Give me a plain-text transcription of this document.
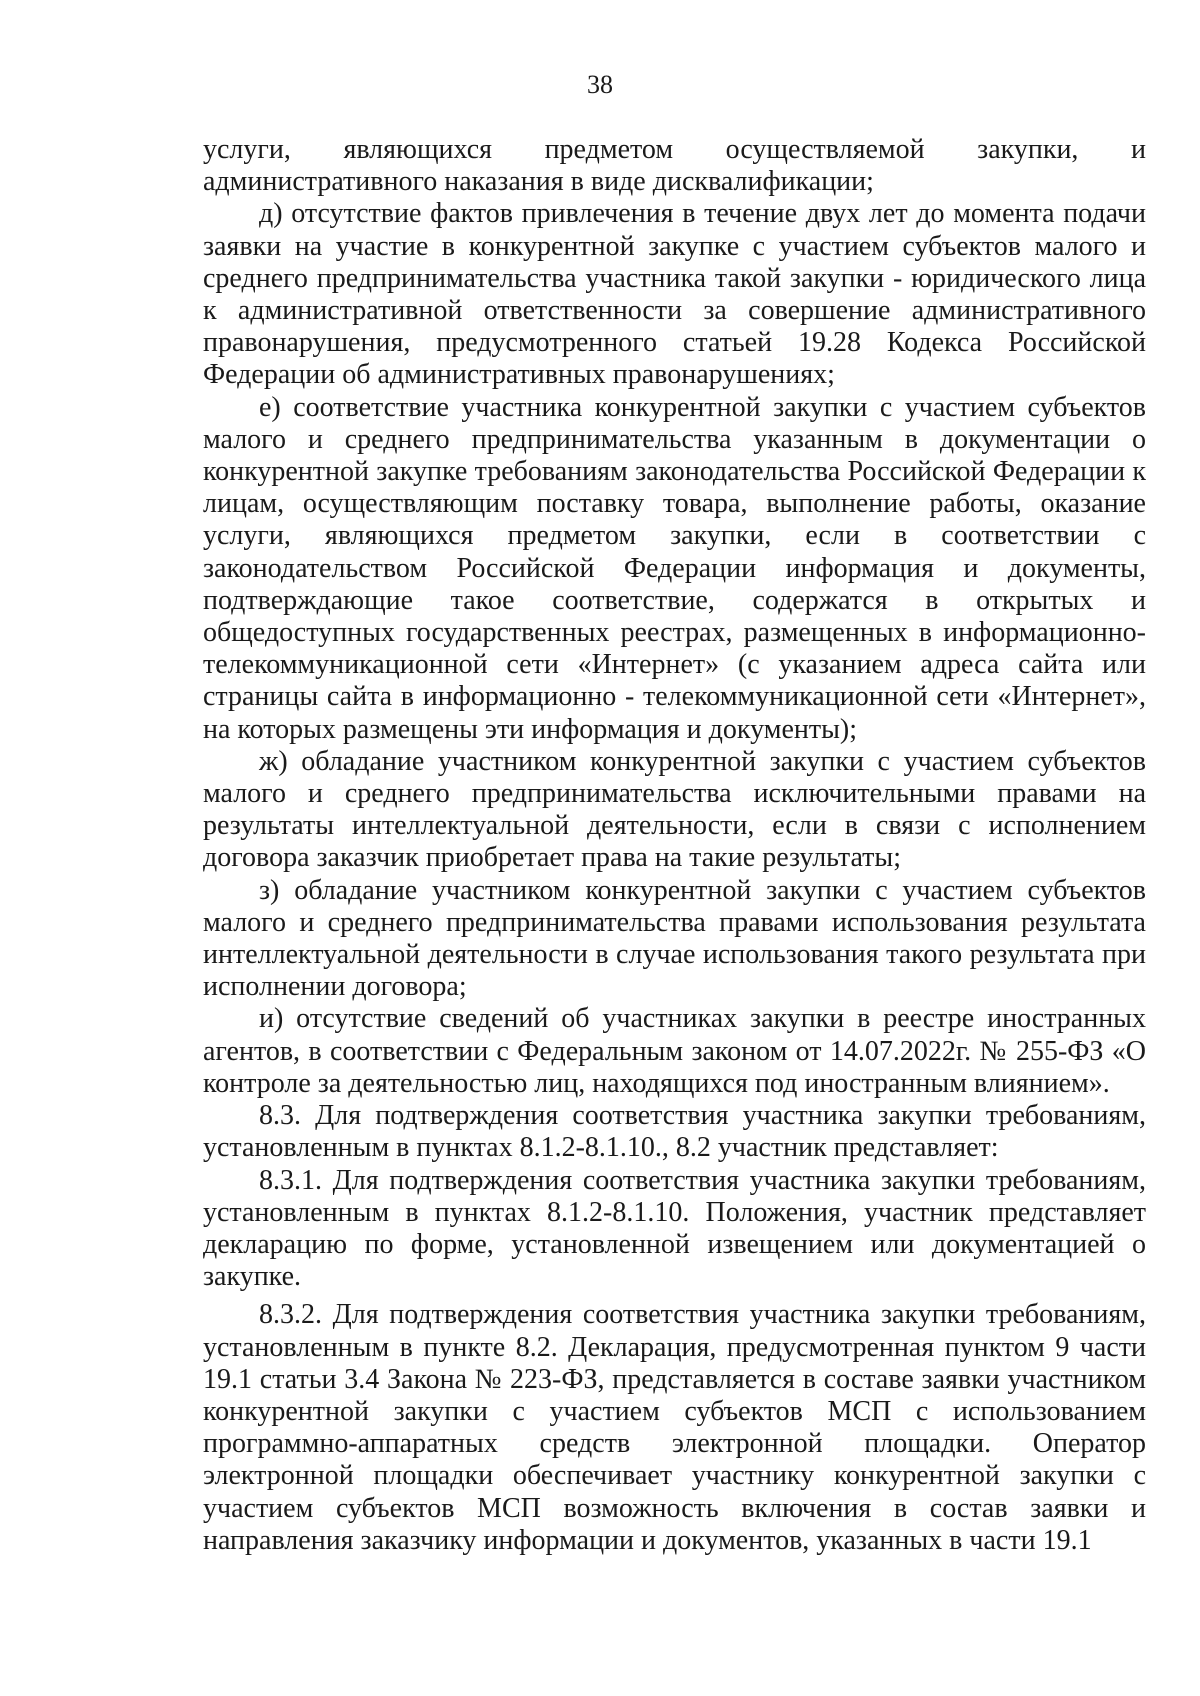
38

услуги, являющихся предметом осуществляемой закупки, и административного наказания в виде дисквалификации;

д) отсутствие фактов привлечения в течение двух лет до момента подачи заявки на участие в конкурентной закупке с участием субъектов малого и среднего предпринимательства участника такой закупки - юридического лица к административной ответственности за совершение административного правонарушения, предусмотренного статьей 19.28 Кодекса Российской Федерации об административных правонарушениях;

е) соответствие участника конкурентной закупки с участием субъектов малого и среднего предпринимательства указанным в документации о конкурентной закупке требованиям законодательства Российской Федерации к лицам, осуществляющим поставку товара, выполнение работы, оказание услуги, являющихся предметом закупки, если в соответствии с законодательством Российской Федерации информация и документы, подтверждающие такое соответствие, содержатся в открытых и общедоступных государственных реестрах, размещенных в информационно-телекоммуникационной сети «Интернет» (с указанием адреса сайта или страницы сайта в информационно - телекоммуникационной сети «Интернет», на которых размещены эти информация и документы);

ж) обладание участником конкурентной закупки с участием субъектов малого и среднего предпринимательства исключительными правами на результаты интеллектуальной деятельности, если в связи с исполнением договора заказчик приобретает права на такие результаты;

з) обладание участником конкурентной закупки с участием субъектов малого и среднего предпринимательства правами использования результата интеллектуальной деятельности в случае использования такого результата при исполнении договора;

и) отсутствие сведений об участниках закупки в реестре иностранных агентов, в соответствии с Федеральным законом от 14.07.2022г. № 255-ФЗ «О контроле за деятельностью лиц, находящихся под иностранным влиянием».

8.3. Для подтверждения соответствия участника закупки требованиям, установленным в пунктах 8.1.2-8.1.10., 8.2 участник представляет:

8.3.1. Для подтверждения соответствия участника закупки требованиям, установленным в пунктах 8.1.2-8.1.10. Положения, участник представляет декларацию по форме, установленной извещением или документацией о закупке.

8.3.2. Для подтверждения соответствия участника закупки требованиям, установленным в пункте 8.2. Декларация, предусмотренная пунктом 9 части 19.1 статьи 3.4 Закона № 223-ФЗ, представляется в составе заявки участником конкурентной закупки с участием субъектов МСП с использованием программно-аппаратных средств электронной площадки. Оператор электронной площадки обеспечивает участнику конкурентной закупки с участием субъектов МСП возможность включения в состав заявки и направления заказчику информации и документов, указанных в части 19.1
